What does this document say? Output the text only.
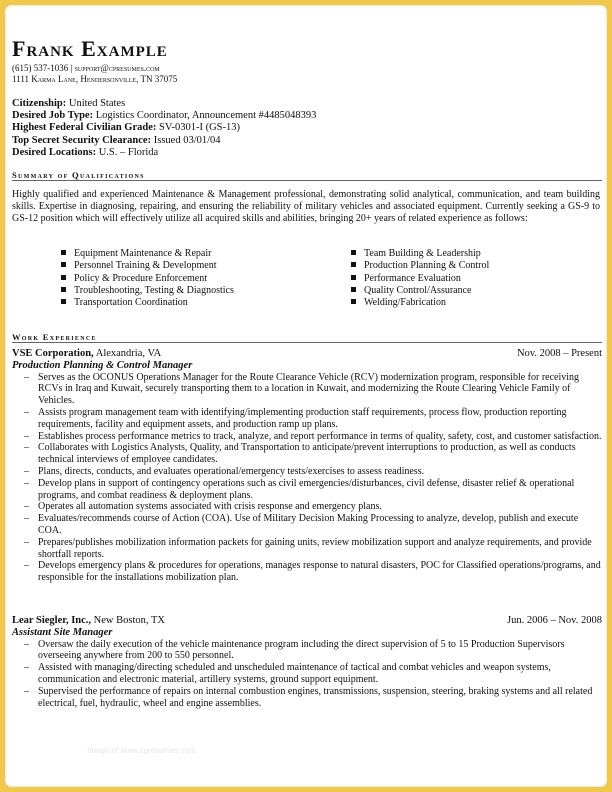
Frank Example
(615) 537-1036 | support@cpresumes.com
1111 Karma Lane, Hendersonville, TN 37075
Citizenship: United States
Desired Job Type: Logistics Coordinator, Announcement #4485048393
Highest Federal Civilian Grade: SV-0301-I (GS-13)
Top Secret Security Clearance: Issued 03/01/04
Desired Locations: U.S. – Florida
Summary of Qualifications

Highly qualified and experienced Maintenance & Management professional, demonstrating solid analytical, communication, and team building skills. Expertise in diagnosing, repairing, and ensuring the reliability of military vehicles and associated equipment. Currently seeking a GS-9 to GS-12 position which will effectively utilize all acquired skills and abilities, bringing 20+ years of related experience as follows:

Equipment Maintenance & Repair	Team Building & Leadership
Personnel Training & Development	Production Planning & Control
Policy & Procedure Enforcement	Performance Evaluation
Troubleshooting, Testing & Diagnostics	Quality Control/Assurance
Transportation Coordination	Welding/Fabrication
Work Experience
VSE Corporation, Alexandria, VA	Nov. 2008 – Present
Production Planning & Control Manager
– Serves as the OCONUS Operations Manager for the Route Clearance Vehicle (RCV) modernization program, responsible for receiving RCVs in Iraq and Kuwait, securely transporting them to a location in Kuwait, and modernizing the Route Clearing Vehicle Family of Vehicles.
– Assists program management team with identifying/implementing production staff requirements, process flow, production reporting requirements, facility and equipment assets, and production ramp up plans.
– Establishes process performance metrics to track, analyze, and report performance in terms of quality, safety, cost, and customer satisfaction.
– Collaborates with Logistics Analysts, Quality, and Transportation to anticipate/prevent interruptions to production, as well as conducts technical interviews of employee candidates.
– Plans, directs, conducts, and evaluates operational/emergency tests/exercises to assess readiness.
– Develop plans in support of contingency operations such as civil emergencies/disturbances, civil defense, disaster relief & operational programs, and combat readiness & deployment plans.
– Operates all automation systems associated with crisis response and emergency plans.
– Evaluates/recommends course of Action (COA). Use of Military Decision Making Processing to analyze, develop, publish and execute COA.
– Prepares/publishes mobilization information packets for gaining units, review mobilization support and analyze requirements, and provide shortfall reports.
– Develops emergency plans & procedures for operations, manages response to natural disasters, POC for Classified operations/programs, and responsible for the installations mobilization plan.
Lear Siegler, Inc., New Boston, TX	Jun. 2006 – Nov. 2008
Assistant Site Manager
– Oversaw the daily execution of the vehicle maintenance program including the direct supervision of 5 to 15 Production Supervisors overseeing anywhere from 200 to 550 personnel.
– Assisted with managing/directing scheduled and unscheduled maintenance of tactical and combat vehicles and weapon systems, communication and electronic material, artillery systems, ground support equipment.
– Supervised the performance of repairs on internal combustion engines, transmissions, suspension, steering, braking systems and all related electrical, fuel, hydraulic, wheel and engine assemblies.
Image of www.cpresumes.com
